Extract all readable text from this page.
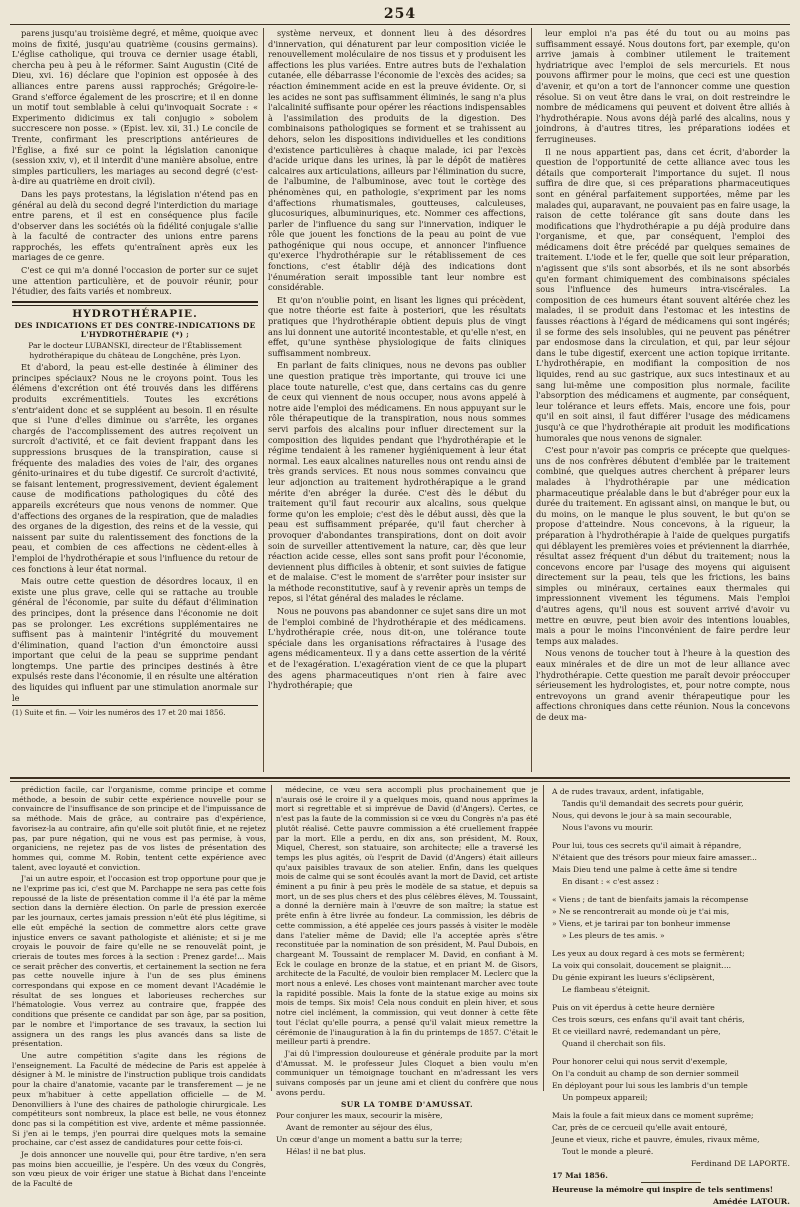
254

parens jusqu'au troisième degré, et même, quoique avec moins de fixité, jusqu'au quatrième (cousins germains). L'église catholique, qui trouva ce dernier usage établi, chercha peu à peu à le réformer. Saint Augustin (Cité de Dieu, xvi. 16) déclare que l'opinion est opposée à des alliances entre parens aussi rapprochés; Grégoire-le-Grand s'efforce également de les proscrire; et il en donne un motif tout semblable à celui qu'invoquait Socrate : « Experimento didicimus ex tali conjugio » sobolem succrescere non posse. » (Epist. lev. xii, 31.) Le concile de Trente, confirmant les prescriptions antérieures de l'Église, a fixé sur ce point la législation canonique (session xxiv, v), et il interdit d'une manière absolue, entre simples particuliers, les mariages au second degré (c'est-à-dire au quatrième en droit civil).

Dans les pays protestans, la législation n'étend pas en général au delà du second degré l'interdiction du mariage entre parens, et il est en conséquence plus facile d'observer dans les sociétés où la fidélité conjugale s'allie à la faculté de contracter des unions entre parens rapprochés, les effets qu'entraînent après eux les mariages de ce genre.

C'est ce qui m'a donné l'occasion de porter sur ce sujet une attention particulière, et de pouvoir réunir, pour l'étudier, des faits variés et nombreux.

HYDROTHÉRAPIE.

DES INDICATIONS ET DES CONTRE-INDICATIONS DE L'HYDROTHÉRAPIE (*) ;

Par le docteur LUBANSKI, directeur de l'Établissement hydrothérapique du château de Longchêne, près Lyon.

Et d'abord, la peau est-elle destinée à éliminer des principes spéciaux? Nous ne le croyons point. Tous les élémens d'excrétion ont été trouvés dans les différens produits excrémentitiels. Toutes les excrétions s'entr'aident donc et se suppléent au besoin. Il en résulte que si l'une d'elles diminue ou s'arrête, les organes chargés de l'accomplissement des autres reçoivent un surcroît d'activité, et ce fait devient frappant dans les suppressions brusques de la transpiration, cause si fréquente des maladies des voies de l'air, des organes génito-urinaires et du tube digestif. Ce surcroît d'activité, se faisant lentement, progressivement, devient également cause de modifications pathologiques du côté des appareils excréteurs que nous venons de nommer. Que d'affections des organes de la respiration, que de maladies des organes de la digestion, des reins et de la vessie, qui naissent par suite du ralentissement des fonctions de la peau, et combien de ces affections ne cèdent-elles à l'emploi de l'hydrothérapie et sous l'influence du retour de ces fonctions à leur état normal.

Mais outre cette question de désordres locaux, il en existe une plus grave, celle qui se rattache au trouble général de l'économie, par suite du défaut d'élimination des principes, dont la présence dans l'économie ne doit pas se prolonger. Les excrétions supplémentaires ne suffisent pas à maintenir l'intégrité du mouvement d'élimination, quand l'action d'un émonctoire aussi important que celui de la peau se supprime pendant longtemps. Une partie des principes destinés à être expulsés reste dans l'économie, il en résulte une altération des liquides qui influent par une stimulation anormale sur le

(1) Suite et fin. — Voir les numéros des 17 et 20 mai 1856.

système nerveux, et donnent lieu à des désordres d'innervation, qui dénaturent par leur composition viciée le renouvellement moléculaire de nos tissus et y produisent les affections les plus variées. Entre autres buts de l'exhalation cutanée, elle débarrasse l'économie de l'excès des acides; sa réaction éminemment acide en est la preuve évidente. Or, si les acides ne sont pas suffisamment éliminés, le sang n'a plus l'alcalinité suffisante pour opérer les réactions indispensables à l'assimilation des produits de la digestion. Des combinaisons pathologiques se forment et se trahissent au dehors, selon les dispositions individuelles et les conditions d'existence particulières à chaque malade, ici par l'excès d'acide urique dans les urines, là par le dépôt de matières calcaires aux articulations, ailleurs par l'élimination du sucre, de l'albumine, de l'albuminose, avec tout le cortège des phénomènes qui, en pathologie, s'expriment par les noms d'affections rhumatismales, goutteuses, calculeuses, glucosuriques, albuminuriques, etc. Nommer ces affections, parler de l'influence du sang sur l'innervation, indiquer le rôle que jouent les fonctions de la peau au point de vue pathogénique qui nous occupe, et annoncer l'influence qu'exerce l'hydrothérapie sur le rétablissement de ces fonctions, c'est établir déjà des indications dont l'énumération serait impossible tant leur nombre est considérable.

Et qu'on n'oublie point, en lisant les lignes qui précèdent, que notre théorie est faite à posteriori, que les résultats pratiques que l'hydrothérapie obtient depuis plus de vingt ans lui donnent une autorité incontestable, et qu'elle n'est, en effet, qu'une synthèse physiologique de faits cliniques suffisamment nombreux.

En parlant de faits cliniques, nous ne devons pas oublier une question pratique très importante, qui trouve ici une place toute naturelle, c'est que, dans certains cas du genre de ceux qui viennent de nous occuper, nous avons appelé à notre aide l'emploi des médicamens. En nous appuyant sur le rôle thérapeutique de la transpiration, nous nous sommes servi parfois des alcalins pour influer directement sur la composition des liquides pendant que l'hydrothérapie et le régime tendaient à les ramener hygiéniquement à leur état normal. Les eaux alcalines naturelles nous ont rendu ainsi de très grands services. Et nous nous sommes convaincu que leur adjonction au traitement hydrothérapique a le grand mérite d'en abréger la durée. C'est dès le début du traitement qu'il faut recourir aux alcalins, sous quelque forme qu'on les emploie; c'est dès le début aussi, dès que la peau est suffisamment préparée, qu'il faut chercher à provoquer d'abondantes transpirations, dont on doit avoir soin de surveiller attentivement la nature, car, dès que leur réaction acide cesse, elles sont sans profit pour l'économie, deviennent plus difficiles à obtenir, et sont suivies de fatigue et de malaise. C'est le moment de s'arrêter pour insister sur la méthode reconstitutive, sauf à y revenir après un temps de repos, si l'état général des malades le réclame.

Nous ne pouvons pas abandonner ce sujet sans dire un mot de l'emploi combiné de l'hydrothérapie et des médicamens. L'hydrothérapie crée, nous dit-on, une tolérance toute spéciale dans les organisations réfractaires à l'usage des agens médicamenteux. Il y a dans cette assertion de la vérité et de l'exagération. L'exagération vient de ce que la plupart des agens pharmaceutiques n'ont rien à faire avec l'hydrothérapie; que

leur emploi n'a pas été du tout ou au moins pas suffisamment essayé. Nous doutons fort, par exemple, qu'on arrive jamais à combiner utilement le traitement hydriatrique avec l'emploi de sels mercuriels. Et nous pouvons affirmer pour le moins, que ceci est une question d'avenir, et qu'on a tort de l'annoncer comme une question résolue. Si on veut être dans le vrai, on doit restreindre le nombre de médicamens qui peuvent et doivent être alliés à l'hydrothérapie. Nous avons déjà parlé des alcalins, nous y joindrons, à d'autres titres, les préparations iodées et ferrugineuses.

Il ne nous appartient pas, dans cet écrit, d'aborder la question de l'opportunité de cette alliance avec tous les détails que comporterait l'importance du sujet. Il nous suffira de dire que, si ces préparations pharmaceutiques sont en général parfaitement supportées, même par les malades qui, auparavant, ne pouvaient pas en faire usage, la raison de cette tolérance gît sans doute dans les modifications que l'hydrothérapie a pu déjà produire dans l'organisme, et que, par conséquent, l'emploi des médicamens doit être précédé par quelques semaines de traitement. L'iode et le fer, quelle que soit leur préparation, n'agissent que s'ils sont absorbés, et ils ne sont absorbés qu'en formant chimiquement des combinaisons spéciales sous l'influence des humeurs intra-viscérales. La composition de ces humeurs étant souvent altérée chez les malades, il se produit dans l'estomac et les intestins de fausses réactions à l'égard de médicamens qui sont ingérés; il se forme des sels insolubles, qui ne peuvent pas pénétrer par endosmose dans la circulation, et qui, par leur séjour dans le tube digestif, exercent une action topique irritante. L'hydrothérapie, en modifiant la composition de nos liquides, rend au suc gastrique, aux sucs intestinaux et au sang lui-même une composition plus normale, facilite l'absorption des médicamens et augmente, par conséquent, leur tolérance et leurs effets. Mais, encore une fois, pour qu'il en soit ainsi, il faut différer l'usage des médicamens jusqu'à ce que l'hydrothérapie ait produit les modifications humorales que nous venons de signaler.

C'est pour n'avoir pas compris ce précepte que quelques-uns de nos confrères débutent d'emblée par le traitement combiné, que quelques autres cherchent à préparer leurs malades à l'hydrothérapie par une médication pharmaceutique préalable dans le but d'abréger pour eux la durée du traitement. En agissant ainsi, on manque le but, ou du moins, on le manque le plus souvent, le but qu'on se propose d'atteindre. Nous concevons, à la rigueur, la préparation à l'hydrothérapie à l'aide de quelques purgatifs qui déblayent les premières voies et préviennent la diarrhée, résultat assez fréquent d'un début du traitement; nous la concevons encore par l'usage des moyens qui aiguisent directement sur la peau, tels que les frictions, les bains simples ou minéraux, certaines eaux thermales qui impressionnent vivement les tégumens. Mais l'emploi d'autres agens, qu'il nous est souvent arrivé d'avoir vu mettre en œuvre, peut bien avoir des intentions louables, mais a pour le moins l'inconvénient de faire perdre leur temps aux malades.

Nous venons de toucher tout à l'heure à la question des eaux minérales et de dire un mot de leur alliance avec l'hydrothérapie. Cette question me paraît devoir préoccuper sérieusement les hydrologistes, et, pour notre compte, nous entrevoyons un grand avenir thérapeutique pour les affections chroniques dans cette réunion. Nous la concevons de deux ma-

prédiction facile, car l'organisme, comme principe et comme méthode, a besoin de subir cette expérience nouvelle pour se convaincre de l'insuffisance de son principe et de l'impuissance de sa méthode. Mais de grâce, au contraire pas d'expérience, favorisez-la au contraire, afin qu'elle soit plutôt finie, et ne rejetez pas, par pure négation, qui ne vous est pas permise, à vous, organiciens, ne rejetez pas de vos listes de présentation des hommes qui, comme M. Robin, tentent cette expérience avec talent, avec loyauté et conviction.

J'ai un autre espoir, et l'occasion est trop opportune pour que je ne l'exprime pas ici, c'est que M. Parchappe ne sera pas cette fois repoussé de la liste de présentation comme il l'a été par la même section dans la dernière élection. On parle de pression exercée par les journaux, certes jamais pression n'eût été plus légitime, si elle eût empêché la section de commettre alors cette grave injustice envers ce savant pathologiste et aliéniste; et si je me croyais le pouvoir de faire qu'elle ne se renouvelât point, je crierais de toutes mes forces à la section : Prenez garde!... Mais ce serait prêcher des convertis, et certainement la section ne fera pas cette nouvelle injure à l'un de ses plus éminens correspondans qui expose en ce moment devant l'Académie le résultat de ses longues et laborieuses recherches sur l'hématologie. Vous verrez au contraire que, frappée des conditions que présente ce candidat par son âge, par sa position, par le nombre et l'importance de ses travaux, la section lui assignera un des rangs les plus avancés dans sa liste de présentation.

Une autre compétition s'agite dans les régions de l'enseignement. La Faculté de médecine de Paris est appelée à désigner à M. le ministre de l'instruction publique trois candidats pour la chaire d'anatomie, vacante par le transferement — je ne peux m'habituer à cette appellation officielle — de M. Denonvilliers à l'une des chaires de pathologie chirurgicale. Les compétiteurs sont nombreux, la place est belle, ne vous étonnez donc pas si la compétition est vive, ardente et même passionnée. Si j'en ai le temps, j'en pourrai dire quelques mots la semaine prochaine, car c'est assez de candidatures pour cette fois-ci.

Je dois annoncer une nouvelle qui, pour être tardive, n'en sera pas moins bien accueillie, je l'espère. Un des vœux du Congrès, son vœu pieux de voir ériger une statue à Bichat dans l'enceinte de la Faculté de

médecine, ce vœu sera accompli plus prochainement que je n'aurais osé le croire il y a quelques mois, quand nous apprîmes la mort si regrettable et si imprévue de David (d'Angers). Certes, ce n'est pas la faute de la commission si ce vœu du Congrès n'a pas été plutôt réalisé. Cette pauvre commission a été cruellement frappée par la mort. Elle a perdu, en dix ans, son président, M. Roux, Miquel, Cherest, son statuaire, son architecte; elle a traversé les temps les plus agités, où l'esprit de David (d'Angers) était ailleurs qu'aux paisibles travaux de son atelier. Enfin, dans les quelques mois de calme qui se sont écoulés avant la mort de David, cet artiste éminent a pu finir à peu près le modèle de sa statue, et depuis sa mort, un de ses plus chers et des plus célèbres élèves, M. Toussaint, a donné la dernière main à l'œuvre de son maître; la statue est prête enfin à être livrée au fondeur. La commission, les débris de cette commission, a été appelée ces jours passés à visiter le modèle dans l'atelier même de David; elle l'a acceptée après s'être reconstituée par la nomination de son président, M. Paul Dubois, en chargeant M. Toussaint de remplacer M. David, en confiant à M. Eck le coulage en bronze de la statue, et en priant M. de Gisors, architecte de la Faculté, de vouloir bien remplacer M. Leclerc que la mort nous a enlevé. Les choses vont maintenant marcher avec toute la rapidité possible. Mais la fonte de la statue exige au moins six mois de temps. Six mois! Cela nous conduit en plein hiver, et sous notre ciel inclément, la commission, qui veut donner à cette fête tout l'éclat qu'elle pourra, a pensé qu'il valait mieux remettre la cérémonie de l'inauguration à la fin du printemps de 1857. C'était le meilleur parti à prendre.

J'ai dû l'impression douloureuse et générale produite par la mort d'Amussat. M. le professeur Jules Cloquet a bien voulu m'en communiquer un témoignage touchant en m'adressant les vers suivans composés par un jeune ami et client du confrère que nous avons perdu.

SUR LA TOMBE D'AMUSSAT.

Pour conjurer les maux, secourir la misère,

Avant de remonter au séjour des élus,

Un cœur d'ange un moment a battu sur la terre;

Hélas! il ne bat plus.

A de rudes travaux, ardent, infatigable,

Tandis qu'il demandait des secrets pour guérir,

Nous, qui devons le jour à sa main secourable,

Nous l'avons vu mourir.

Pour lui, tous ces secrets qu'il aimait à répandre,

N'étaient que des trésors pour mieux faire amasser...

Mais Dieu tend une palme à cette âme si tendre

En disant : « c'est assez :

« Viens ; de tant de bienfaits jamais la récompense

» Ne se rencontrerait au monde où je t'ai mis,

» Viens, et je tarirai par ton bonheur immense

» Les pleurs de tes amis. »

Les yeux au doux regard à ces mots se fermèrent;

La voix qui consolait, doucement se plaignit....

Du génie expirant les lueurs s'éclipsèrent,

Le flambeau s'éteignit.

Puis on vit éperdus à cette heure dernière

Ces trois sœurs, ces enfans qu'il avait tant chéris,

Et ce vieillard navré, redemandant un père,

Quand il cherchait son fils.

Pour honorer celui qui nous servit d'exemple,

On l'a conduit au champ de son dernier sommeil

En déployant pour lui sous les lambris d'un temple

Un pompeux appareil;

Mais la foule a fait mieux dans ce moment suprême;

Car, près de ce cercueil qu'elle avait entouré,

Jeune et vieux, riche et pauvre, émules, rivaux même,

Tout le monde a pleuré.

Ferdinand DE LAPORTE.

17 Mai 1856.

Heureuse la mémoire qui inspire de tels sentimens!

Amédée LATOUR.
